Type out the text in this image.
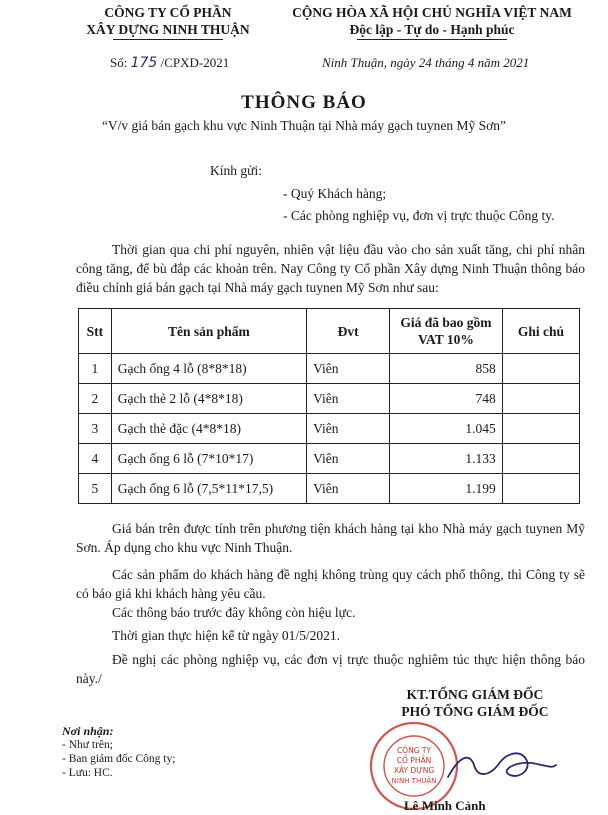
CÔNG TY CỔ PHẦN
XÂY DỰNG NINH THUẬN
CỘNG HÒA XÃ HỘI CHỦ NGHĨA VIỆT NAM
Độc lập - Tự do - Hạnh phúc
Số: 175 /CPXD-2021	Ninh Thuận, ngày 24 tháng 4 năm 2021
THÔNG BÁO
“V/v giá bán gạch khu vực Ninh Thuận tại Nhà máy gạch tuynen Mỹ Sơn”
Kính gửi:
- Quý Khách hàng;
- Các phòng nghiệp vụ, đơn vị trực thuộc Công ty.
Thời gian qua chi phí nguyên, nhiên vật liệu đầu vào cho sản xuất tăng, chi phí nhân công tăng, để bù đắp các khoản trên. Nay Công ty Cổ phần Xây dựng Ninh Thuận thông báo điều chỉnh giá bán gạch tại Nhà máy gạch tuynen Mỹ Sơn như sau:
Stt	Tên sản phẩm	Đvt	Giá đã bao gồm VAT 10%	Ghi chú
1	Gạch ống 4 lỗ (8*8*18)	Viên	858	
2	Gạch thẻ 2 lỗ (4*8*18)	Viên	748	
3	Gạch thẻ đặc (4*8*18)	Viên	1.045	
4	Gạch ống 6 lỗ (7*10*17)	Viên	1.133	
5	Gạch ống 6 lỗ (7,5*11*17,5)	Viên	1.199	
Giá bán trên được tính trên phương tiện khách hàng tại kho Nhà máy gạch tuynen Mỹ Sơn. Áp dụng cho khu vực Ninh Thuận.
Các sản phẩm do khách hàng đề nghị không trùng quy cách phổ thông, thì Công ty sẽ có báo giá khi khách hàng yêu cầu.
Các thông báo trước đây không còn hiệu lực.
Thời gian thực hiện kể từ ngày 01/5/2021.
Đề nghị các phòng nghiệp vụ, các đơn vị trực thuộc nghiêm túc thực hiện thông báo này./
Nơi nhận:
- Như trên;
- Ban giám đốc Công ty;
- Lưu: HC.
KT.TỔNG GIÁM ĐỐC
PHÓ TỔNG GIÁM ĐỐC
CÔNG TY
CỔ PHẦN
XÂY DỰNG
NINH THUẬN
Lê Minh Cảnh
